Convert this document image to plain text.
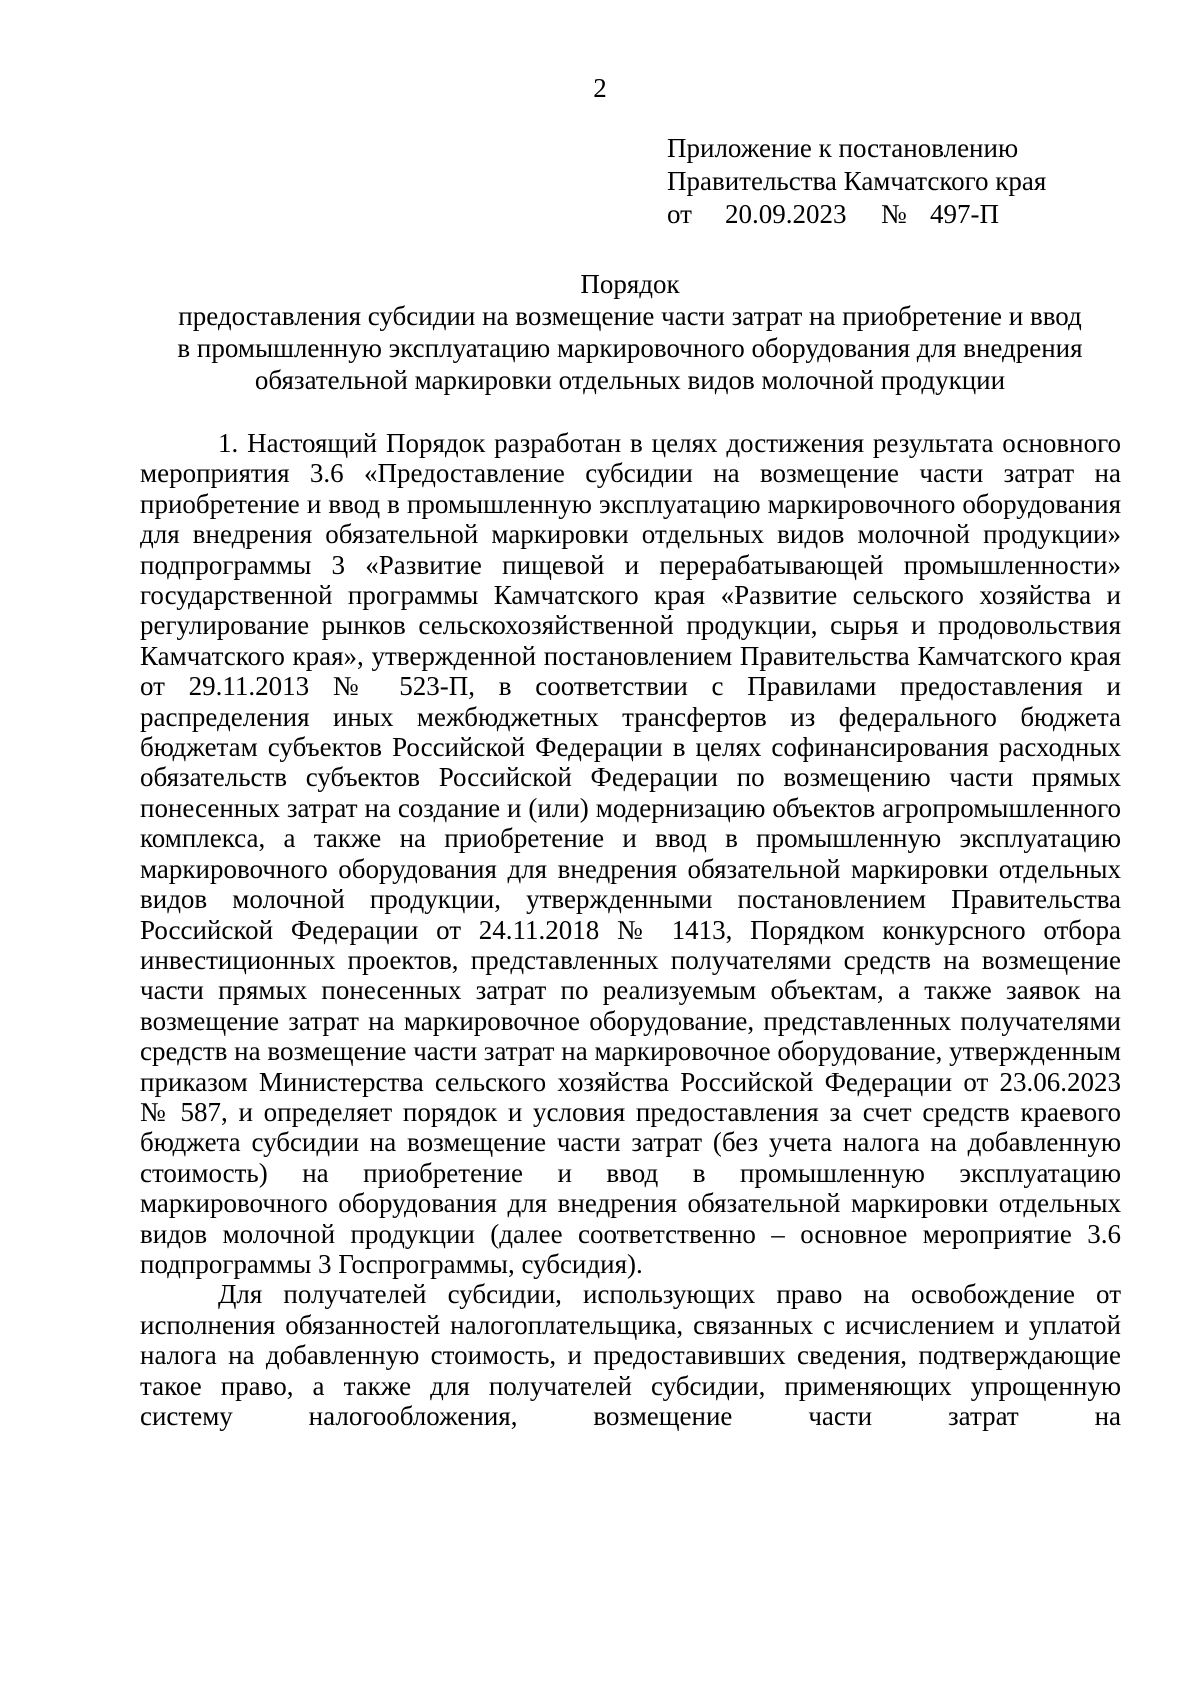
2
Приложение к постановлению
Правительства Камчатского края
от 20.09.2023 № 497-П
Порядок
предоставления субсидии на возмещение части затрат на приобретение и ввод
в промышленную эксплуатацию маркировочного оборудования для внедрения
обязательной маркировки отдельных видов молочной продукции

1. Настоящий Порядок разработан в целях достижения результата основного мероприятия 3.6 «Предоставление субсидии на возмещение части затрат на приобретение и ввод в промышленную эксплуатацию маркировочного оборудования для внедрения обязательной маркировки отдельных видов молочной продукции» подпрограммы 3 «Развитие пищевой и перерабатывающей промышленности» государственной программы Камчатского края «Развитие сельского хозяйства и регулирование рынков сельскохозяйственной продукции, сырья и продовольствия Камчатского края», утвержденной постановлением Правительства Камчатского края от 29.11.2013 № 523-П, в соответствии с Правилами предоставления и распределения иных межбюджетных трансфертов из федерального бюджета бюджетам субъектов Российской Федерации в целях софинансирования расходных обязательств субъектов Российской Федерации по возмещению части прямых понесенных затрат на создание и (или) модернизацию объектов агропромышленного комплекса, а также на приобретение и ввод в промышленную эксплуатацию маркировочного оборудования для внедрения обязательной маркировки отдельных видов молочной продукции, утвержденными постановлением Правительства Российской Федерации от 24.11.2018 № 1413, Порядком конкурсного отбора инвестиционных проектов, представленных получателями средств на возмещение части прямых понесенных затрат по реализуемым объектам, а также заявок на возмещение затрат на маркировочное оборудование, представленных получателями средств на возмещение части затрат на маркировочное оборудование, утвержденным приказом Министерства сельского хозяйства Российской Федерации от 23.06.2023 № 587, и определяет порядок и условия предоставления за счет средств краевого бюджета субсидии на возмещение части затрат (без учета налога на добавленную стоимость) на приобретение и ввод в промышленную эксплуатацию маркировочного оборудования для внедрения обязательной маркировки отдельных видов молочной продукции (далее соответственно – основное мероприятие 3.6 подпрограммы 3 Госпрограммы, субсидия).

Для получателей субсидии, использующих право на освобождение от исполнения обязанностей налогоплательщика, связанных с исчислением и уплатой налога на добавленную стоимость, и предоставивших сведения, подтверждающие такое право, а также для получателей субсидии, применяющих упрощенную систему налогообложения, возмещение части затрат на
